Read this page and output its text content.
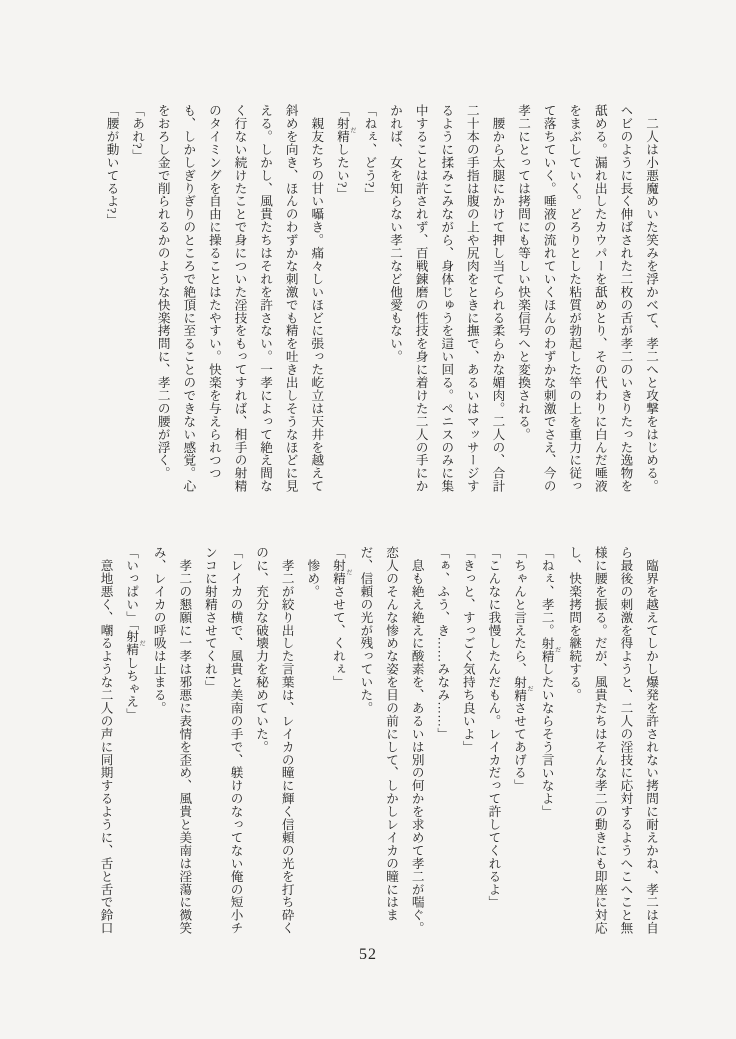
　二人は小悪魔めいた笑みを浮かべて、孝二へと攻撃をはじめる。

ヘビのように長く伸ばされた二枚の舌が孝二のいきりたった逸物を

舐める。漏れ出したカウパーを舐めとり、その代わりに白んだ唾液

をまぶしていく。どろりとした粘質が勃起した竿の上を重力に従っ

て落ちていく。唾液の流れていくほんのわずかな刺激でさえ、今の

孝二にとっては拷問にも等しい快楽信号へと変換される。

　腰から太腿にかけて押し当てられる柔らかな媚肉。二人の、合計

二十本の手指は腹の上や尻肉をときに撫で、あるいはマッサージす

るように揉みこみながら、身体じゅうを這い回る。ペニスのみに集

中することは許されず、百戦錬磨の性技を身に着けた二人の手にか

かれば、女を知らない孝二など他愛もない。

「ねぇ、どう?」

「射精 だしたい?」

　親友たちの甘い囁き。痛々しいほどに張った屹立は天井を越えて

斜めを向き、ほんのわずかな刺激でも精を吐き出しそうなほどに見

える。しかし、風貴たちはそれを許さない。一孝によって絶え間な

く行ない続けたことで身についた淫技をもってすれば、相手の射精

のタイミングを自由に操ることはたやすい。快楽を与えられつつ

も、しかしぎりぎりのところで絶頂に至ることのできない感覚。心

をおろし金で削られるかのような快楽拷問に、孝二の腰が浮く。

「あれ?」

「腰が動いてるよ?」

　臨界を越えてしかし爆発を許されない拷問に耐えかね、孝二は自

ら最後の刺激を得ようと、二人の淫技に応対するようへこへこと無

様に腰を振る。だが、風貴たちはそんな孝二の動きにも即座に対応

し、快楽拷問を継続する。

「ねぇ、孝二。射精 だしたいならそう言いなよ」

「ちゃんと言えたら、射精 ださせてあげる」

「こんなに我慢したんだもん。レイカだって許してくれるよ」

「きっと、すっごく気持ち良いよ」

「ぁ、ふう、き……みなみ……」

　息も絶え絶えに酸素を、あるいは別の何かを求めて孝二が喘ぐ。

恋人のそんな惨めな姿を目の前にして、しかしレイカの瞳にはま

だ、信頼の光が残っていた。

「射精 ださせて、くれぇ」

　惨め。

　孝二が絞り出した言葉は、レイカの瞳に輝く信頼の光を打ち砕く

のに、充分な破壊力を秘めていた。

「レイカの横で、風貴と美南の手で、躾けのなってない俺の短小チ

ンコに射精させてくれ!」

　孝二の懇願に一孝は邪悪に表情を歪め、風貴と美南は淫蕩に微笑

み、レイカの呼吸は止まる。

「いっぱい」「射精 だしちゃえ」

　意地悪く、嘲るような二人の声に同期するように、舌と舌で鈴口

52
